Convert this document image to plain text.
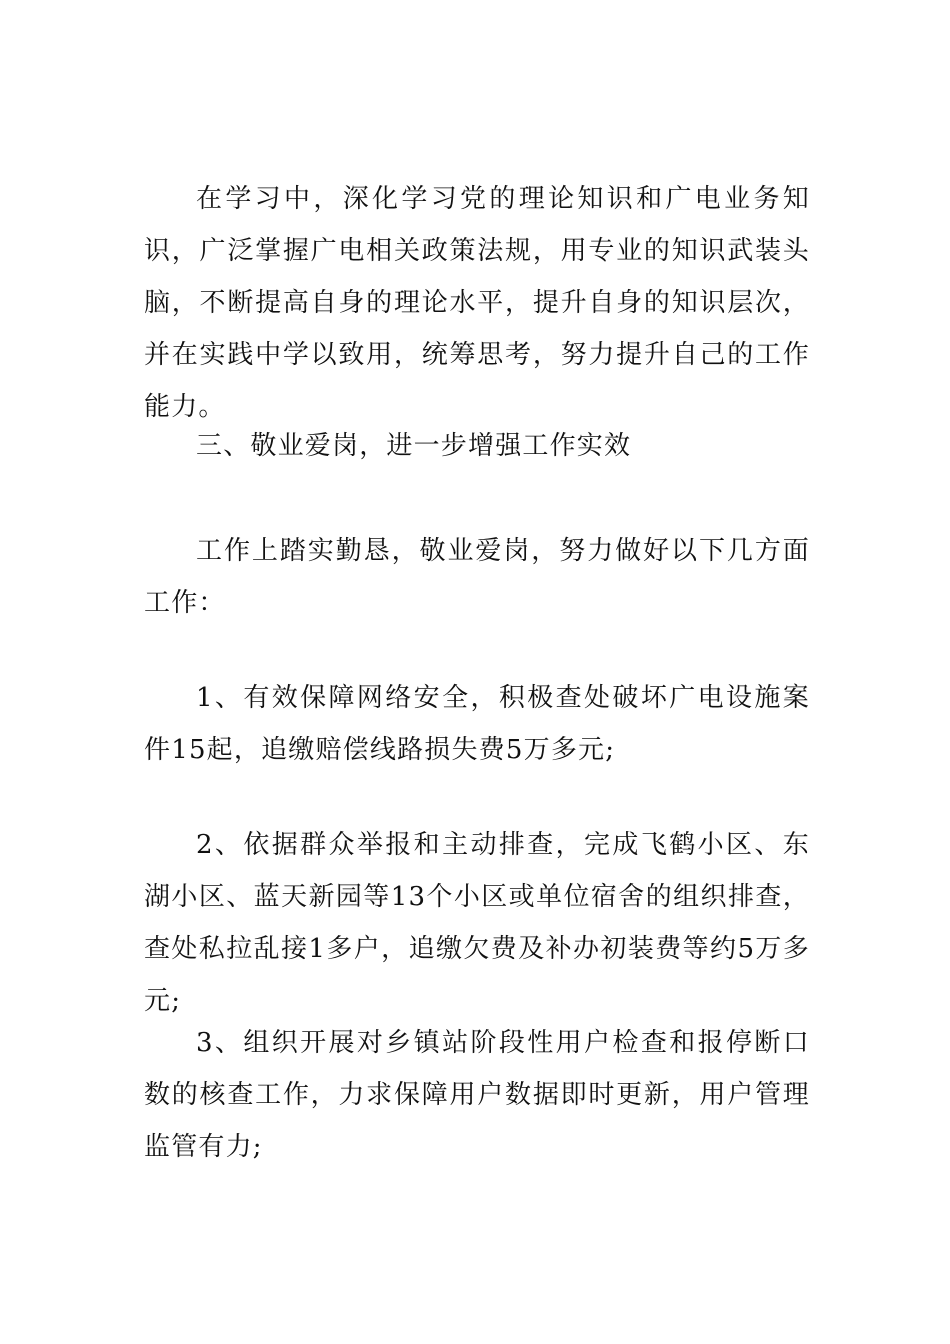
在学习中，深化学习党的理论知识和广电业务知识，广泛掌握广电相关政策法规，用专业的知识武装头脑，不断提高自身的理论水平，提升自身的知识层次，并在实践中学以致用，统筹思考，努力提升自己的工作能力。

三、敬业爱岗，进一步增强工作实效

工作上踏实勤恳，敬业爱岗，努力做好以下几方面工作：

1、有效保障网络安全，积极查处破坏广电设施案件15起，追缴赔偿线路损失费5万多元;

2、依据群众举报和主动排查，完成飞鹤小区、东湖小区、蓝天新园等13个小区或单位宿舍的组织排查，查处私拉乱接1多户，追缴欠费及补办初装费等约5万多元;

3、组织开展对乡镇站阶段性用户检查和报停断口数的核查工作，力求保障用户数据即时更新，用户管理监管有力;
